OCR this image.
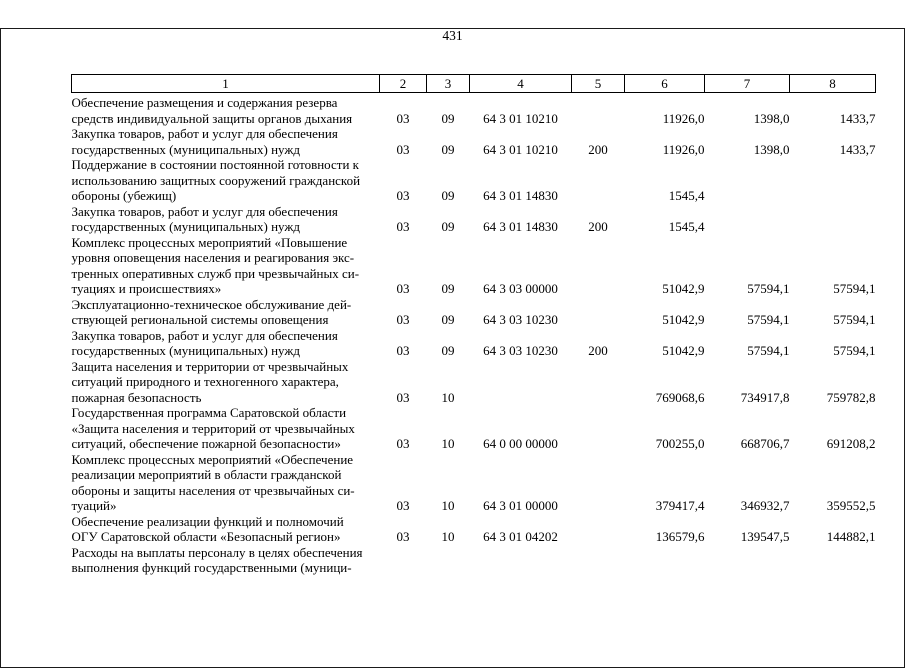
431
1	2	3	4	5	6	7	8
Обеспечение размещения и содержания резерва
средств индивидуальной защиты органов дыхания	03	09	64 3 01 10210		11926,0	1398,0	1433,7
Закупка товаров, работ и услуг для обеспечения
государственных (муниципальных) нужд	03	09	64 3 01 10210	200	11926,0	1398,0	1433,7
Поддержание в состоянии постоянной готовности к
использованию защитных сооружений гражданской
обороны (убежищ)	03	09	64 3 01 14830		1545,4		
Закупка товаров, работ и услуг для обеспечения
государственных (муниципальных) нужд	03	09	64 3 01 14830	200	1545,4		
Комплекс процессных мероприятий «Повышение
уровня оповещения населения и реагирования экс-
тренных оперативных служб при чрезвычайных си-
туациях и происшествиях»	03	09	64 3 03 00000		51042,9	57594,1	57594,1
Эксплуатационно-техническое обслуживание дей-
ствующей региональной системы оповещения	03	09	64 3 03 10230		51042,9	57594,1	57594,1
Закупка товаров, работ и услуг для обеспечения
государственных (муниципальных) нужд	03	09	64 3 03 10230	200	51042,9	57594,1	57594,1
Защита населения и территории от чрезвычайных
ситуаций природного и техногенного характера,
пожарная безопасность	03	10			769068,6	734917,8	759782,8
Государственная программа Саратовской области
«Защита населения и территорий от чрезвычайных
ситуаций, обеспечение пожарной безопасности»	03	10	64 0 00 00000		700255,0	668706,7	691208,2
Комплекс процессных мероприятий «Обеспечение
реализации мероприятий в области гражданской
обороны и защиты населения от чрезвычайных си-
туаций»	03	10	64 3 01 00000		379417,4	346932,7	359552,5
Обеспечение реализации функций и полномочий
ОГУ Саратовской области «Безопасный регион»	03	10	64 3 01 04202		136579,6	139547,5	144882,1
Расходы на выплаты персоналу в целях обеспечения
выполнения функций государственными (муници-							
